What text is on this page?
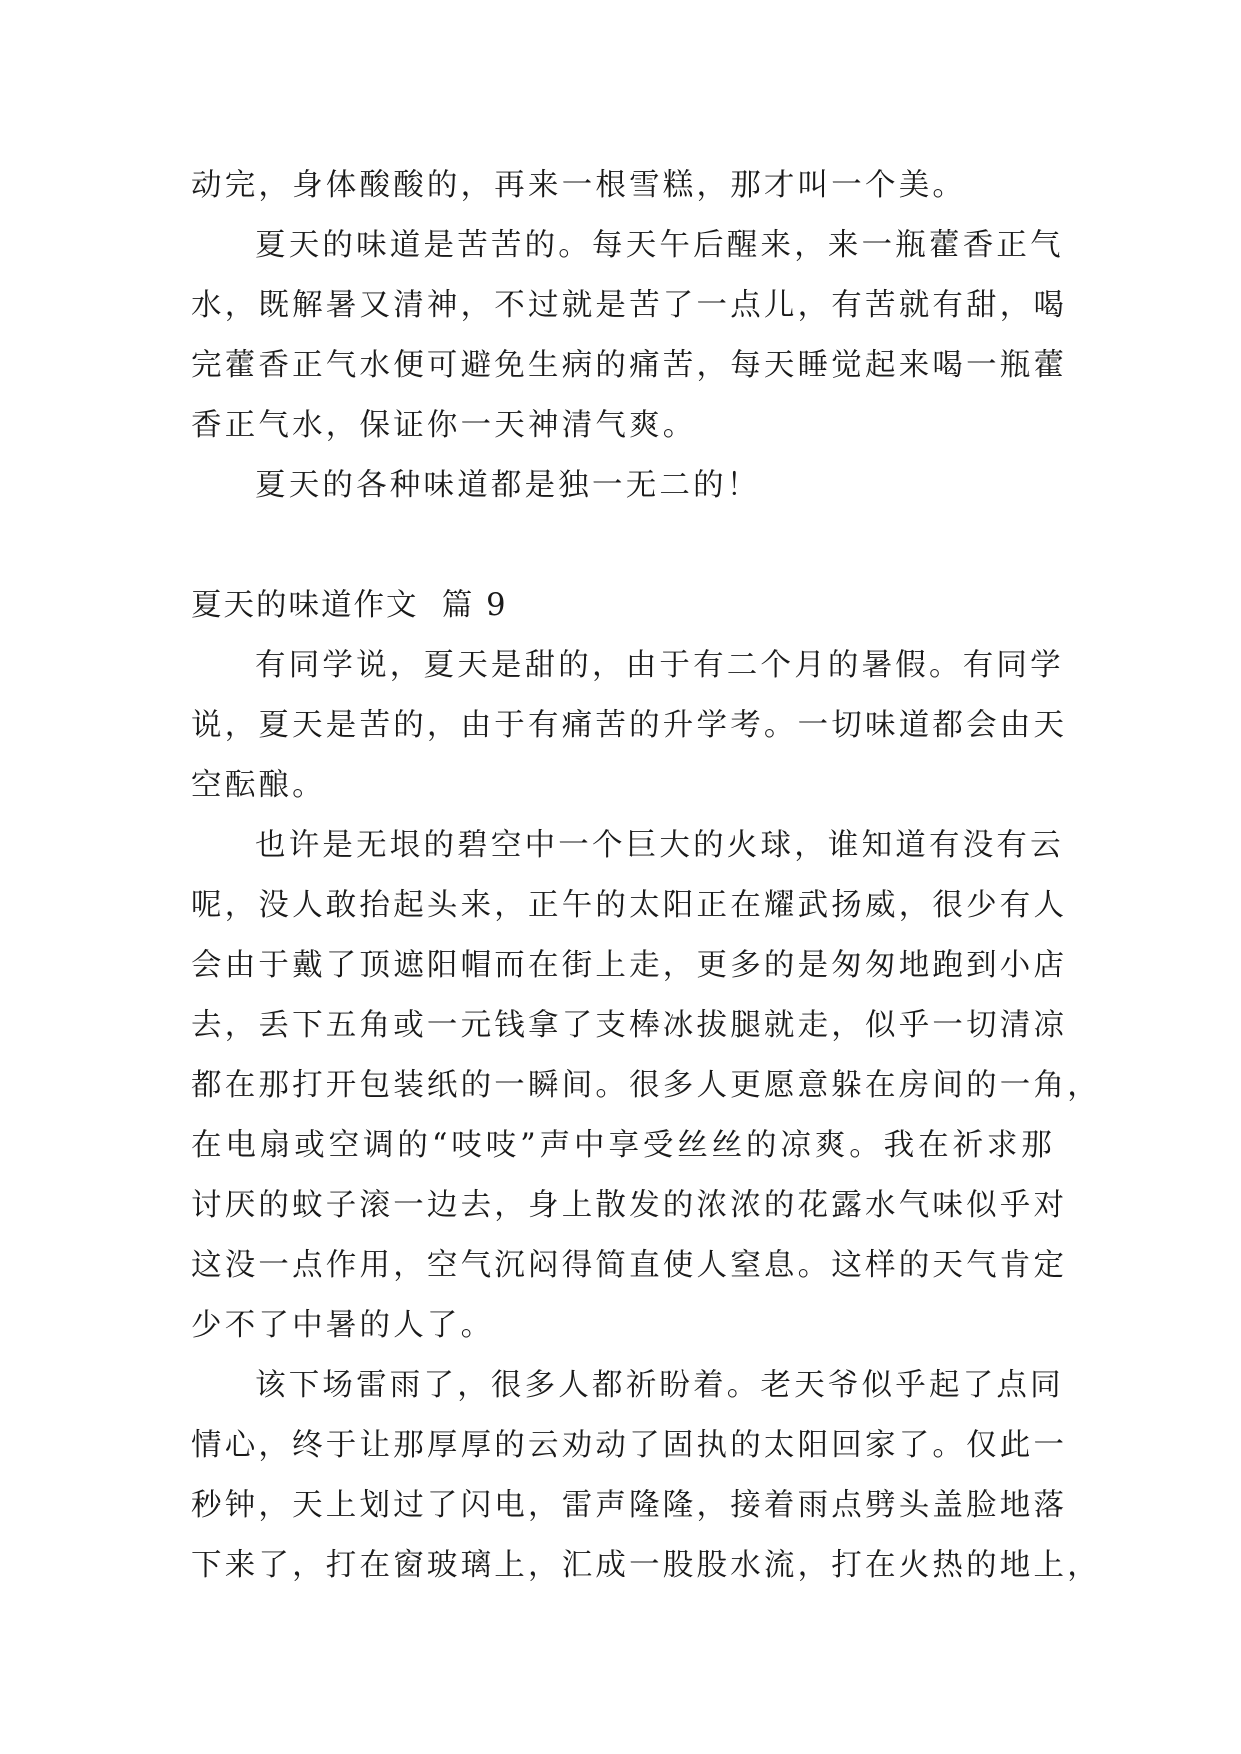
动完，身体酸酸的，再来一根雪糕，那才叫一个美。
夏天的味道是苦苦的。每天午后醒来，来一瓶藿香正气
水，既解暑又清神，不过就是苦了一点儿，有苦就有甜，喝
完藿香正气水便可避免生病的痛苦，每天睡觉起来喝一瓶藿
香正气水，保证你一天神清气爽。
夏天的各种味道都是独一无二的！
夏天的味道作文  篇 9
有同学说，夏天是甜的，由于有二个月的暑假。有同学
说，夏天是苦的，由于有痛苦的升学考。一切味道都会由天
空酝酿。
也许是无垠的碧空中一个巨大的火球，谁知道有没有云
呢，没人敢抬起头来，正午的太阳正在耀武扬威，很少有人
会由于戴了顶遮阳帽而在街上走，更多的是匆匆地跑到小店
去，丢下五角或一元钱拿了支棒冰拔腿就走，似乎一切清凉
都在那打开包装纸的一瞬间。很多人更愿意躲在房间的一角，
在电扇或空调的“吱吱”声中享受丝丝的凉爽。我在祈求那
讨厌的蚊子滚一边去，身上散发的浓浓的花露水气味似乎对
这没一点作用，空气沉闷得简直使人窒息。这样的天气肯定
少不了中暑的人了。
该下场雷雨了，很多人都祈盼着。老天爷似乎起了点同
情心，终于让那厚厚的云劝动了固执的太阳回家了。仅此一
秒钟，天上划过了闪电，雷声隆隆，接着雨点劈头盖脸地落
下来了，打在窗玻璃上，汇成一股股水流，打在火热的地上，
